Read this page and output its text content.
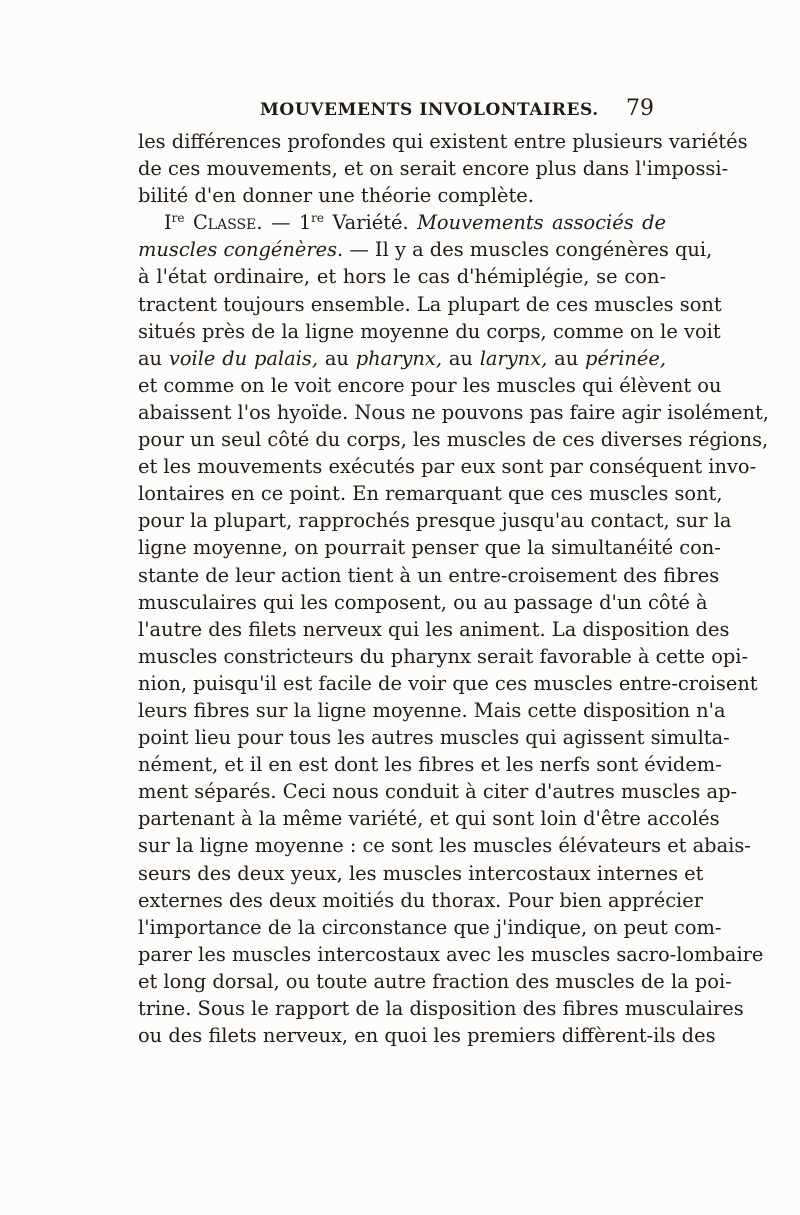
MOUVEMENTS INVOLONTAIRES. 79
les différences profondes qui existent entre plusieurs variétés
de ces mouvements, et on serait encore plus dans l'impossi-
bilité d'en donner une théorie complète.
Ire Classe. — 1re Variété. Mouvements associés de
muscles congénères. — Il y a des muscles congénères qui,
à l'état ordinaire, et hors le cas d'hémiplégie, se con-
tractent toujours ensemble. La plupart de ces muscles sont
situés près de la ligne moyenne du corps, comme on le voit
au voile du palais, au pharynx, au larynx, au périnée,
et comme on le voit encore pour les muscles qui élèvent ou
abaissent l'os hyoïde. Nous ne pouvons pas faire agir isolément,
pour un seul côté du corps, les muscles de ces diverses régions,
et les mouvements exécutés par eux sont par conséquent invo-
lontaires en ce point. En remarquant que ces muscles sont,
pour la plupart, rapprochés presque jusqu'au contact, sur la
ligne moyenne, on pourrait penser que la simultanéité con-
stante de leur action tient à un entre-croisement des fibres
musculaires qui les composent, ou au passage d'un côté à
l'autre des filets nerveux qui les animent. La disposition des
muscles constricteurs du pharynx serait favorable à cette opi-
nion, puisqu'il est facile de voir que ces muscles entre-croisent
leurs fibres sur la ligne moyenne. Mais cette disposition n'a
point lieu pour tous les autres muscles qui agissent simulta-
nément, et il en est dont les fibres et les nerfs sont évidem-
ment séparés. Ceci nous conduit à citer d'autres muscles ap-
partenant à la même variété, et qui sont loin d'être accolés
sur la ligne moyenne : ce sont les muscles élévateurs et abais-
seurs des deux yeux, les muscles intercostaux internes et
externes des deux moitiés du thorax. Pour bien apprécier
l'importance de la circonstance que j'indique, on peut com-
parer les muscles intercostaux avec les muscles sacro-lombaire
et long dorsal, ou toute autre fraction des muscles de la poi-
trine. Sous le rapport de la disposition des fibres musculaires
ou des filets nerveux, en quoi les premiers diffèrent-ils des
